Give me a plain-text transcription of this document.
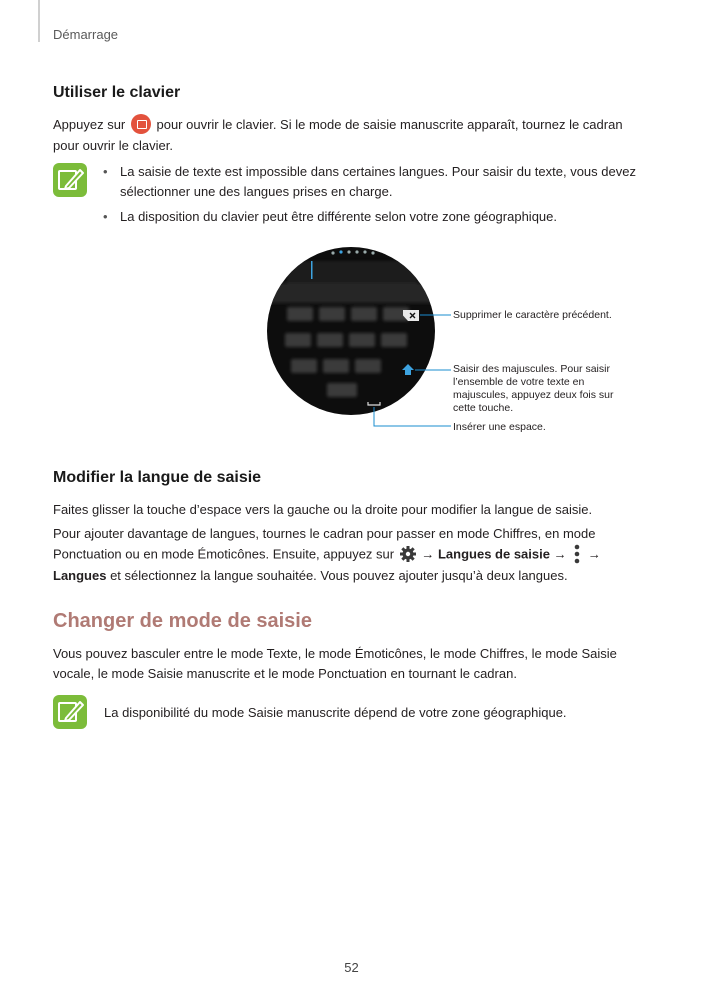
Démarrage
Utiliser le clavier
Appuyez sur  pour ouvrir le clavier. Si le mode de saisie manuscrite apparaît, tournez le cadran pour ouvrir le clavier.
• La saisie de texte est impossible dans certaines langues. Pour saisir du texte, vous devez sélectionner une des langues prises en charge.
• La disposition du clavier peut être différente selon votre zone géographique.
Supprimer le caractère précédent.
Saisir des majuscules. Pour saisir l’ensemble de votre texte en majuscules, appuyez deux fois sur cette touche.
Insérer une espace.
Modifier la langue de saisie
Faites glisser la touche d’espace vers la gauche ou la droite pour modifier la langue de saisie.
Pour ajouter davantage de langues, tournes le cadran pour passer en mode Chiffres, en mode Ponctuation ou en mode Émoticônes. Ensuite, appuyez sur  → Langues de saisie → →
Langues et sélectionnez la langue souhaitée. Vous pouvez ajouter jusqu’à deux langues.
Changer de mode de saisie
Vous pouvez basculer entre le mode Texte, le mode Émoticônes, le mode Chiffres, le mode Saisie vocale, le mode Saisie manuscrite et le mode Ponctuation en tournant le cadran.
La disponibilité du mode Saisie manuscrite dépend de votre zone géographique.
52
